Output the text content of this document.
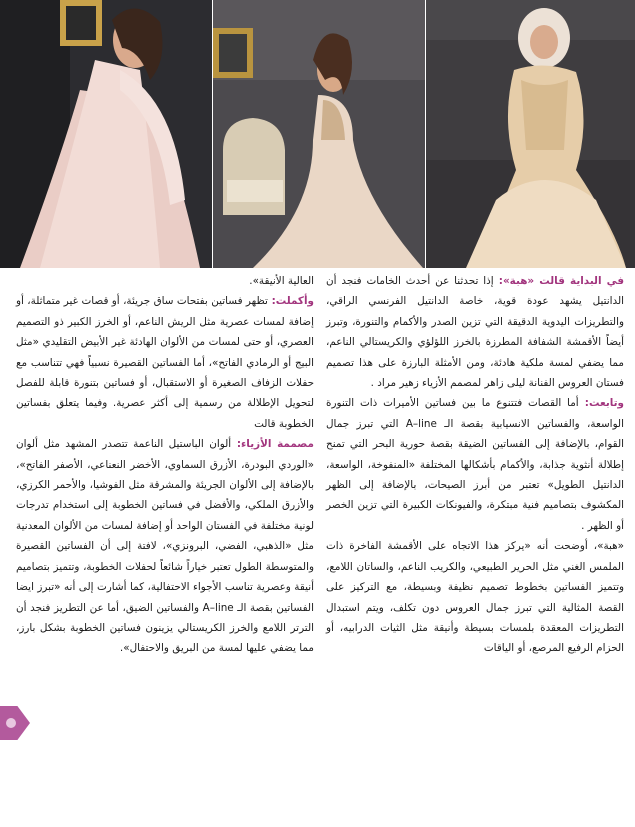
في البداية قالت «هبة»: إذا تحدثنا عن أحدث الخامات فنجد أن الدانتيل يشهد عودة قوية، خاصة الدانتيل الفرنسي الراقي، والتطريزات اليدوية الدقيقة التي تزين الصدر والأكمام والتنورة، وتبرز أيضاً الأقمشة الشفافة المطرزة بالخرز اللؤلؤي والكريستالي الناعم، مما يضفي لمسة ملكية هادئة، ومن الأمثلة البارزة على هذا تصميم فستان العروس الفنانة ليلى زاهر لمصمم الأزياء زهير مراد .

وتابعت: أما القصات فتتنوع ما بين فساتين الأميرات ذات التنورة الواسعة، والفساتين الانسيابية بقصة الـ A–line التي تبرز جمال القوام، بالإضافة إلى الفساتين الضيقة بقصة حورية البحر التي تمنح إطلالة أنثوية جذابة، والأكمام بأشكالها المختلفة «المنفوخة، الواسعة، الدانتيل الطويل» تعتبر من أبرز الصيحات، بالإضافة إلى الظهر المكشوف بتصاميم فنية مبتكرة، والفيونكات الكبيرة التي تزين الخصر أو الظهر .

«هبة»، أوضحت أنه «يركز هذا الاتجاه على الأقمشة الفاخرة ذات الملمس الغني مثل الحرير الطبيعي، والكريب الناعم، والساتان اللامع، وتتميز الفساتين بخطوط تصميم نظيفة وبسيطة، مع التركيز على القصة المثالية التي تبرز جمال العروس دون تكلف، ويتم استبدال التطريزات المعقدة بلمسات بسيطة وأنيقة مثل الثيات الدرابيه، أو الحزام الرفيع المرصع، أو الياقات

العالية الأنيقة».

وأكملت: تظهر فساتين بفتحات ساق جريئة، أو قصات غير متماثلة، أو إضافة لمسات عصرية مثل الريش الناعم، أو الخرز الكبير ذو التصميم العصري، أو حتى لمسات من الألوان الهادئة غير الأبيض التقليدي «مثل البيج أو الرمادي الفاتح»، أما الفساتين القصيرة نسبياً فهي تتناسب مع حفلات الزفاف الصغيرة أو الاستقبال، أو فساتين بتنورة قابلة للفصل لتحويل الإطلالة من رسمية إلى أكثر عصرية. وفيما يتعلق بفساتين الخطوبة قالت

مصممة الأزياء: ألوان الباستيل الناعمة تتصدر المشهد مثل ألوان «الوردي البودرة، الأزرق السماوي، الأخضر النعناعي، الأصفر الفاتح»، بالإضافة إلى الألوان الجريئة والمشرقة مثل الفوشيا، والأحمر الكرزي، والأزرق الملكي، والأفضل في فساتين الخطوبة إلى استخدام تدرجات لونية مختلفة في الفستان الواحد أو إضافة لمسات من الألوان المعدنية مثل «الذهبي، الفضي، البرونزي»، لافتة إلى أن الفساتين القصيرة والمتوسطة الطول تعتبر خياراً شائعاً لحفلات الخطوبة، وتتميز بتصاميم أنيقة وعصرية تناسب الأجواء الاحتفالية، كما أشارت إلى أنه «تبرز ايضا الفساتين بقصة الـ A–line والفساتين الضيق، أما عن التطريز فنجد أن الترتر اللامع والخرز الكريستالي يزينون فساتين الخطوبة بشكل بارز، مما يضفي عليها لمسة من البريق والاحتفال».
